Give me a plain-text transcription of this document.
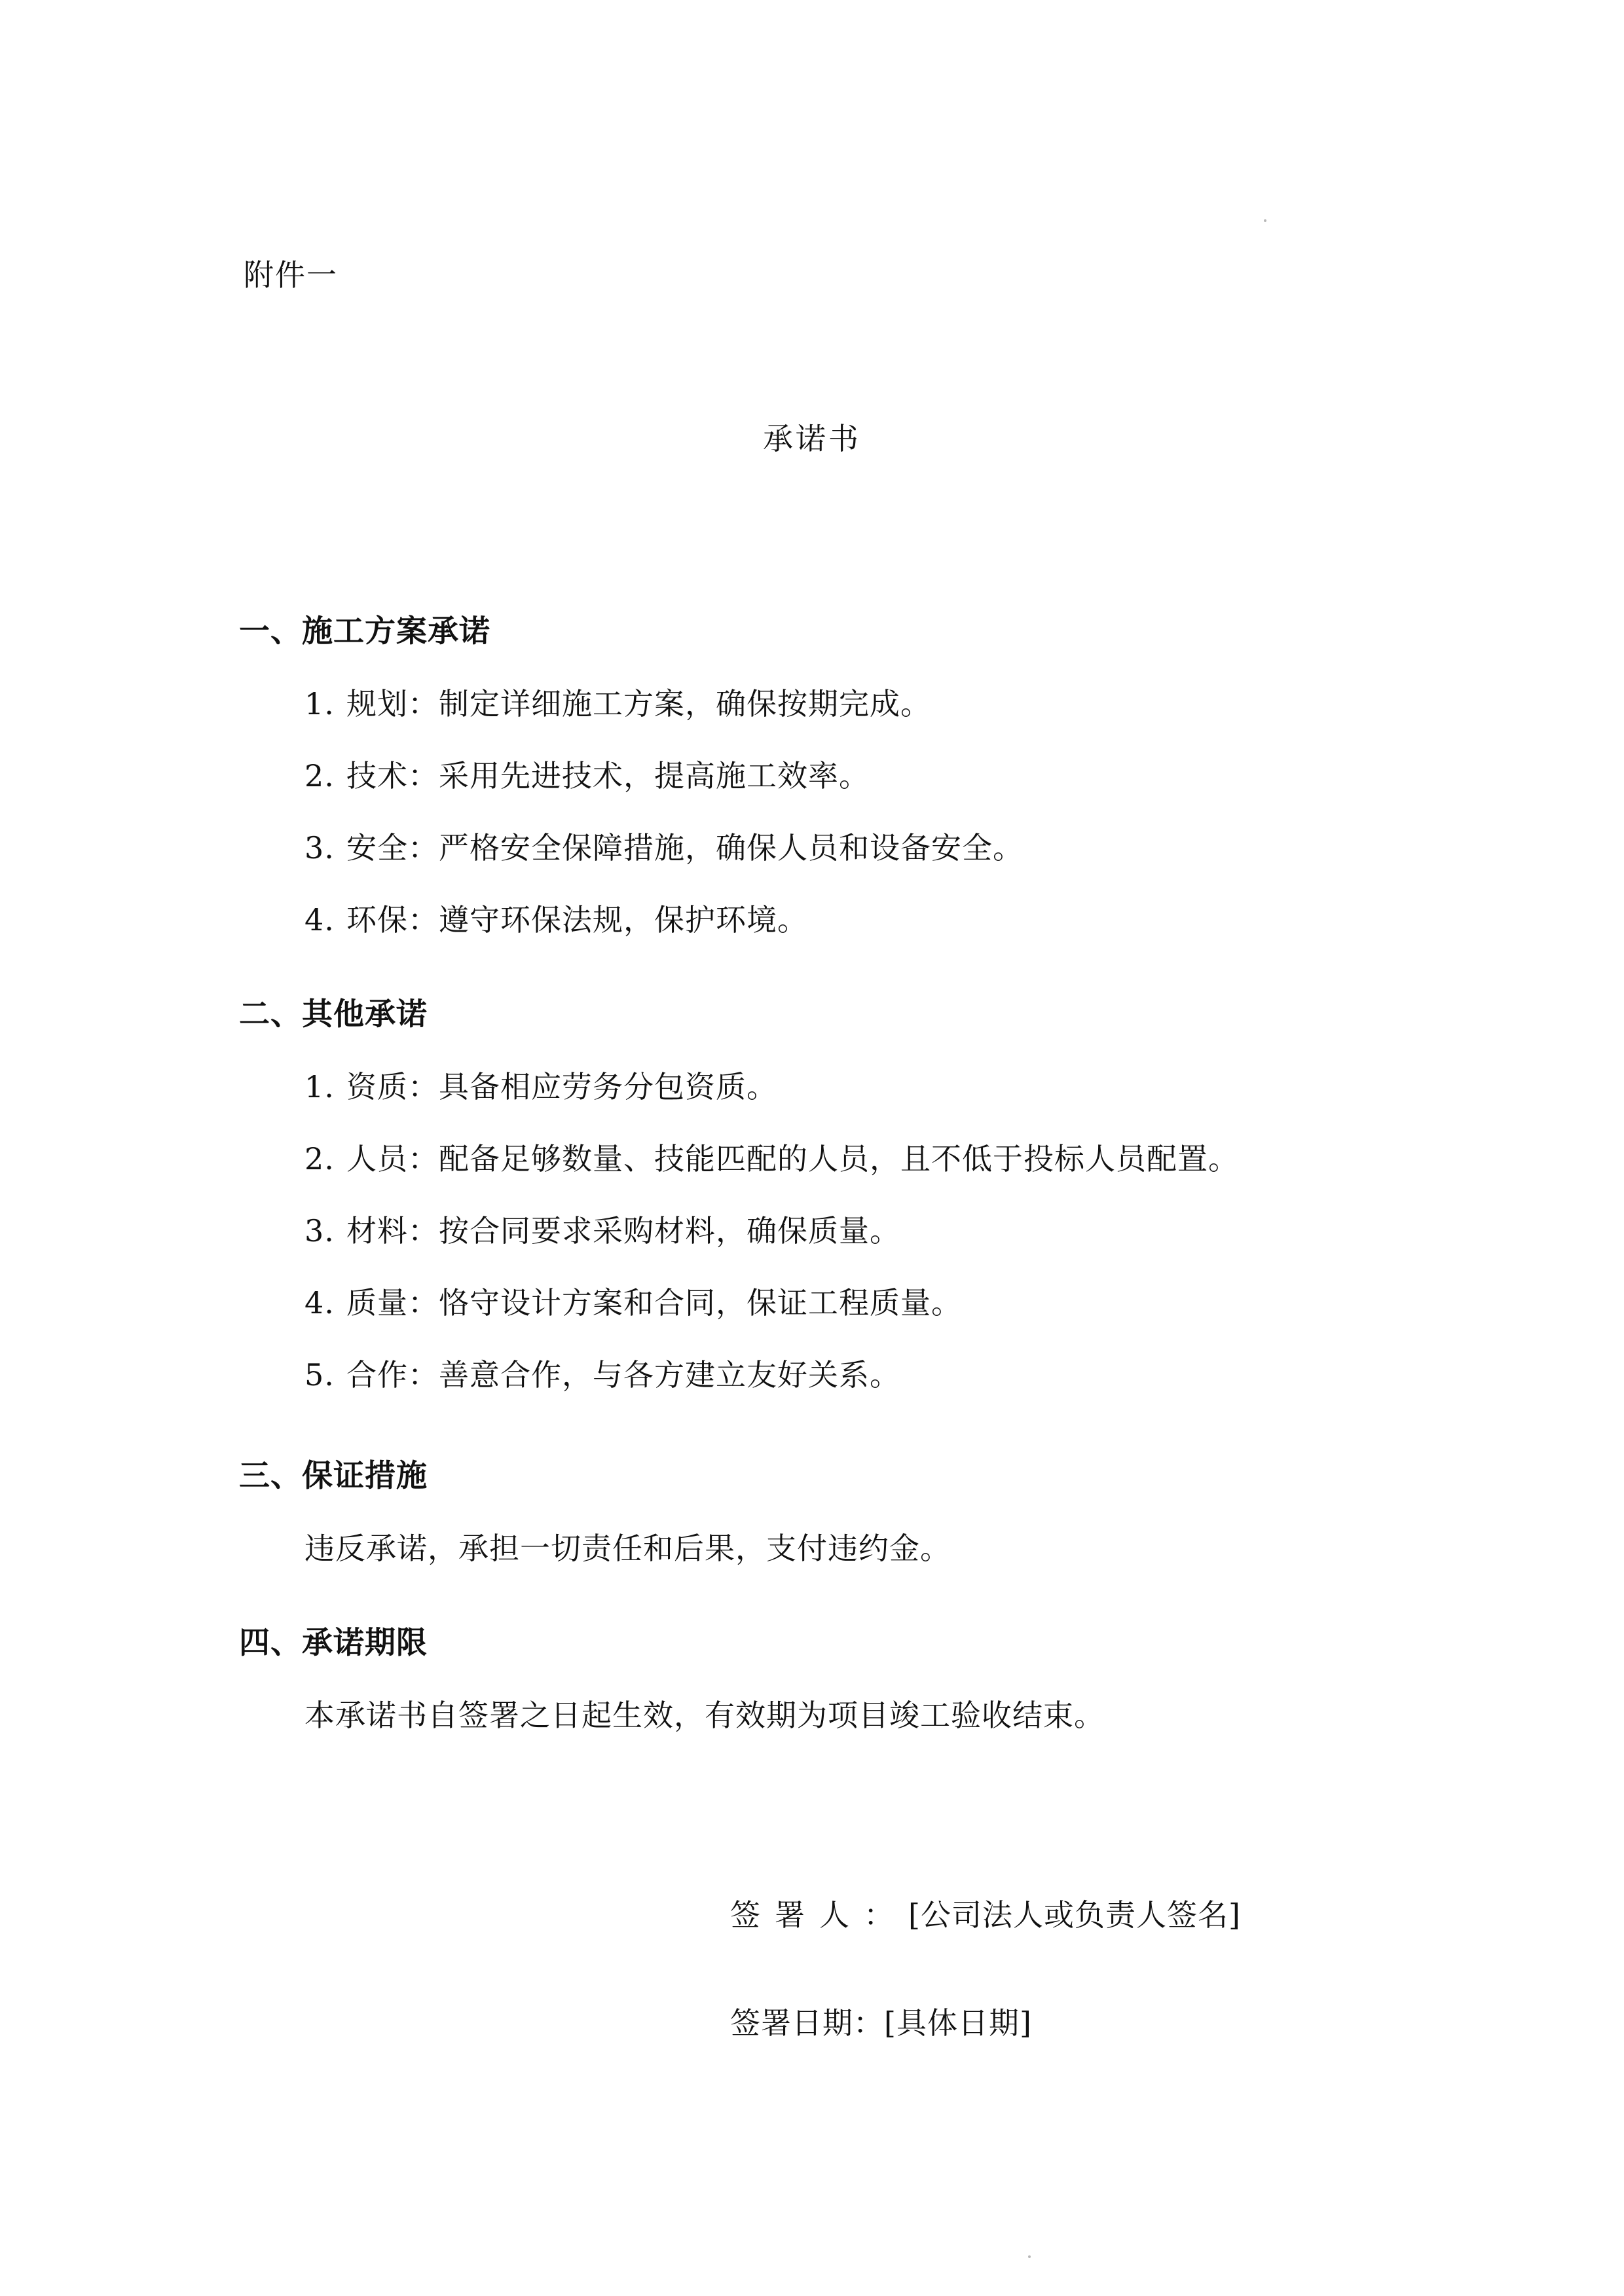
附件一
承诺书
一、施工方案承诺
1. 规划：制定详细施工方案，确保按期完成。
2. 技术：采用先进技术，提高施工效率。
3. 安全：严格安全保障措施，确保人员和设备安全。
4. 环保：遵守环保法规，保护环境。
二、其他承诺
1. 资质：具备相应劳务分包资质。
2. 人员：配备足够数量、技能匹配的人员，且不低于投标人员配置。
3. 材料：按合同要求采购材料，确保质量。
4. 质量：恪守设计方案和合同，保证工程质量。
5. 合作：善意合作，与各方建立友好关系。
三、保证措施
违反承诺，承担一切责任和后果，支付违约金。
四、承诺期限
本承诺书自签署之日起生效，有效期为项目竣工验收结束。
签署人：[公司法人或负责人签名]
签署日期：[具体日期]
